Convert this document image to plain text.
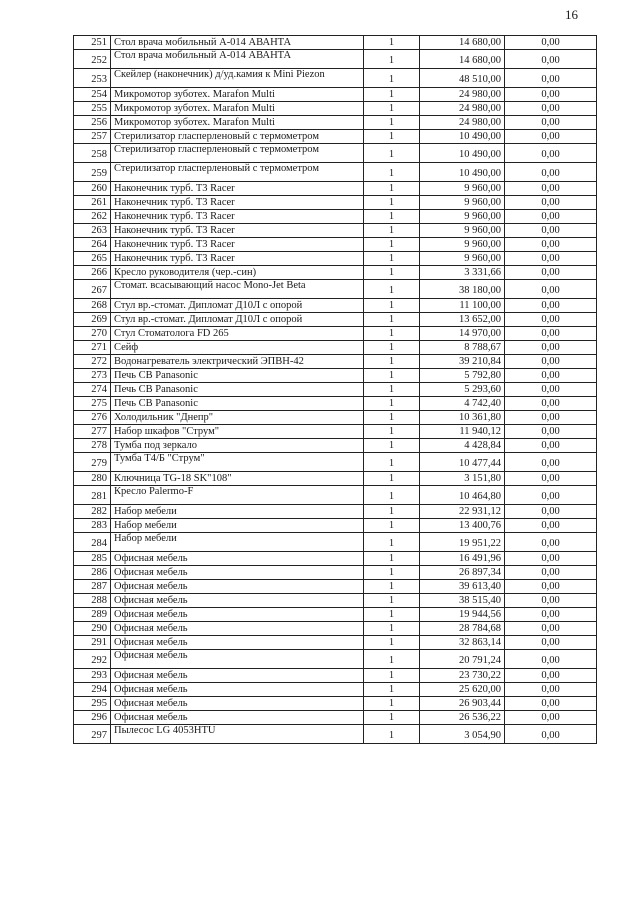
16
251	Стол врача мобильный А-014 АВАНТА	1	14 680,00	0,00
252	Стол врача мобильный А-014 АВАНТА	1	14 680,00	0,00
253	Скейлер (наконечник) д/уд.камия к Mini Piezon	1	48 510,00	0,00
254	Микромотор зуботех. Marafon Multi	1	24 980,00	0,00
255	Микромотор зуботех. Marafon Multi	1	24 980,00	0,00
256	Микромотор зуботех. Marafon Multi	1	24 980,00	0,00
257	Стерилизатор гласперленовый с термометром	1	10 490,00	0,00
258	Стерилизатор гласперленовый с термометром	1	10 490,00	0,00
259	Стерилизатор гласперленовый с термометром	1	10 490,00	0,00
260	Наконечник турб. T3 Racer	1	9 960,00	0,00
261	Наконечник турб. T3 Racer	1	9 960,00	0,00
262	Наконечник турб. T3 Racer	1	9 960,00	0,00
263	Наконечник турб. T3 Racer	1	9 960,00	0,00
264	Наконечник турб. T3 Racer	1	9 960,00	0,00
265	Наконечник турб. T3 Racer	1	9 960,00	0,00
266	Кресло руководителя (чер.-син)	1	3 331,66	0,00
267	Стомат. всасывающий насос Mono-Jet Beta	1	38 180,00	0,00
268	Стул вр.-стомат. Дипломат Д10Л с опорой	1	11 100,00	0,00
269	Стул вр.-стомат. Дипломат Д10Л с опорой	1	13 652,00	0,00
270	Стул Стоматолога FD 265	1	14 970,00	0,00
271	Сейф	1	8 788,67	0,00
272	Водонагреватель электрический ЭПВН-42	1	39 210,84	0,00
273	Печь СВ Panasonic	1	5 792,80	0,00
274	Печь СВ Panasonic	1	5 293,60	0,00
275	Печь СВ Panasonic	1	4 742,40	0,00
276	Холодильник "Днепр"	1	10 361,80	0,00
277	Набор шкафов "Струм"	1	11 940,12	0,00
278	Тумба под зеркало	1	4 428,84	0,00
279	Тумба Т4/Б "Струм"	1	10 477,44	0,00
280	Ключница TG-18 SK"108"	1	3 151,80	0,00
281	Кресло Palermo-F	1	10 464,80	0,00
282	Набор мебели	1	22 931,12	0,00
283	Набор мебели	1	13 400,76	0,00
284	Набор мебели	1	19 951,22	0,00
285	Офисная мебель	1	16 491,96	0,00
286	Офисная мебель	1	26 897,34	0,00
287	Офисная мебель	1	39 613,40	0,00
288	Офисная мебель	1	38 515,40	0,00
289	Офисная мебель	1	19 944,56	0,00
290	Офисная мебель	1	28 784,68	0,00
291	Офисная мебель	1	32 863,14	0,00
292	Офисная мебель	1	20 791,24	0,00
293	Офисная мебель	1	23 730,22	0,00
294	Офисная мебель	1	25 620,00	0,00
295	Офисная мебель	1	26 903,44	0,00
296	Офисная мебель	1	26 536,22	0,00
297	Пылесос LG 4053HTU	1	3 054,90	0,00
